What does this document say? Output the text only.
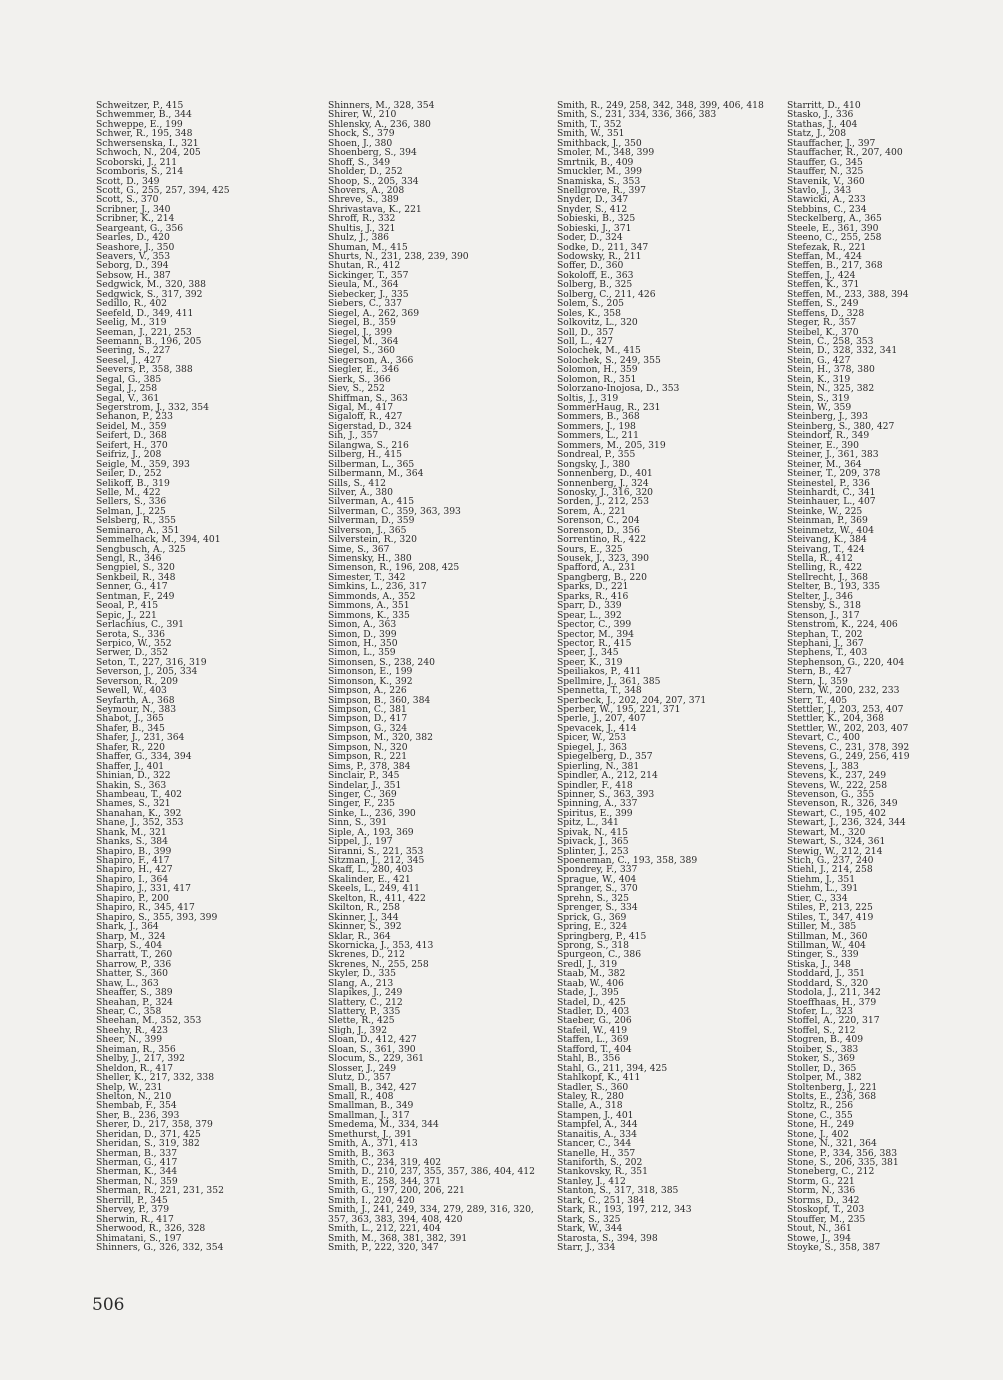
Schweitzer, P., 415
Schwemmer, B., 344
Schweppe, E., 199
Schwer, R., 195, 348
Schwersenska, I., 321
Schwoch, N., 204, 205
Scoborski, J., 211
Scomboris, S., 214
Scott, D., 349
Scott, G., 255, 257, 394, 425
Scott, S., 370
Scribner, J., 340
Scribner, K., 214
Seargeant, G., 356
Searles, D., 420
Seashore, J., 350
Seavers, V., 353
Seborg, D., 394
Sebsow, H., 387
Sedgwick, M., 320, 388
Sedgwick, S., 317, 392
Sedillo, R., 402
Seefeld, D., 349, 411
Seelig, M., 319
Seeman, J., 221, 253
Seemann, B., 196, 205
Seering, S., 227
Seesel, J., 427
Seevers, P., 358, 388
Segal, G., 385
Segal, J., 258
Segal, V., 361
Segerstrom, J., 332, 354
Sehanon, P., 233
Seidel, M., 359
Seifert, D., 368
Seifert, H., 370
Seifriz, J., 208
Seigle, M., 359, 393
Seiler, D., 252
Selikoff, B., 319
Selle, M., 422
Sellers, S., 336
Selman, J., 225
Selsberg, R., 355
Seminaro, A., 351
Semmelhack, M., 394, 401
Sengbusch, A., 325
Sengl, R., 346
Sengpiel, S., 320
Senkbeil, R., 348
Senner, G., 417
Sentman, F., 249
Seoal, P., 415
Sepic, J., 221
Serlachius, C., 391
Serota, S., 336
Serpico, W., 352
Serwer, D., 352
Seton, T., 227, 316, 319
Severson, J., 205, 334
Severson, R., 209
Sewell, W., 403
Seyfarth, A., 368
Seymour, N., 383
Shabot, J., 365
Shafer, B., 345
Shafer, J., 231, 364
Shafer, R., 220
Shaffer, G., 334, 394
Shaffer, J., 401
Shinian, D., 322
Shakin, S., 363
Shambeau, T., 402
Shames, S., 321
Shanahan, K., 392
Shane, J., 352, 353
Shank, M., 321
Shanks, S., 384
Shapiro, B., 399
Shapiro, F., 417
Shapiro, H., 427
Shapiro, I., 364
Shapiro, J., 331, 417
Shapiro, P., 200
Shapiro, R., 345, 417
Shapiro, S., 355, 393, 399
Shark, J., 364
Sharp, M., 324
Sharp, S., 404
Sharratt, T., 260
Sharrow, P., 336
Shatter, S., 360
Shaw, L., 363
Sheaffer, S., 389
Sheahan, P., 324
Shear, C., 358
Sheehan, M., 352, 353
Sheehy, R., 423
Sheer, N., 399
Sheiman, R., 356
Shelby, J., 217, 392
Sheldon, R., 417
Sheller, K., 217, 332, 338
Shelp, W., 231
Shelton, N., 210
Shembab, F., 354
Sher, B., 236, 393
Sherer, D., 217, 358, 379
Sheridan, D., 371, 425
Sheridan, S., 319, 382
Sherman, B., 337
Sherman, G., 417
Sherman, K., 344
Sherman, N., 359
Sherman, R., 221, 231, 352
Sherrill, P., 345
Shervey, P., 379
Sherwin, R., 417
Sherwood, R., 326, 328
Shimatani, S., 197
Shinners, G., 326, 332, 354
Shinners, M., 328, 354
Shirer, W., 210
Shlensky, A., 236, 380
Shock, S., 379
Shoen, J., 380
Shoenberg, S., 394
Shoff, S., 349
Sholder, D., 252
Shoop, S., 205, 334
Shovers, A., 208
Shreve, S., 389
Shrivastava, K., 221
Shroff, R., 332
Shultis, J., 321
Shulz, J., 386
Shuman, M., 415
Shurts, N., 231, 238, 239, 390
Shutan, R., 412
Sickinger, T., 357
Sieula, M., 364
Siebecker, J., 335
Siebers, C., 337
Siegel, A., 262, 369
Siegel, B., 359
Siegel, J., 399
Siegel, M., 364
Siegel, S., 360
Siegerson, A., 366
Siegler, E., 346
Sierk, S., 366
Siev, S., 252
Shiffman, S., 363
Sigal, M., 417
Sigaloff, R., 427
Sigerstad, D., 324
Sih, J., 357
Silangwa, S., 216
Silberg, H., 415
Silberman, L., 365
Silbermann, M., 364
Sills, S., 412
Silver, A., 380
Silverman, A., 415
Silverman, C., 359, 363, 393
Silverman, D., 359
Silverson, J., 365
Silverstein, R., 320
Sime, S., 367
Simensky, H., 380
Simenson, R., 196, 208, 425
Simester, T., 342
Simkins, L., 236, 317
Simmonds, A., 352
Simmons, A., 351
Simmons, K., 335
Simon, A., 363
Simon, D., 399
Simon, H., 350
Simon, L., 359
Simonsen, S., 238, 240
Simonson, E., 199
Simonson, K., 392
Simpson, A., 226
Simpson, B., 360, 384
Simpson, C., 381
Simpson, D., 417
Simpson, G., 324
Simpson, M., 320, 382
Simpson, N., 320
Simpson, R., 221
Sims, P., 378, 384
Sinclair, P., 345
Sindelar, J., 351
Singer, C., 369
Singer, F., 235
Sinke, L., 236, 390
Sinn, S., 391
Siple, A., 193, 369
Sippel, J., 197
Siranni, S., 221, 353
Sitzman, J., 212, 345
Skaff, L., 280, 403
Skalinder, E., 421
Skeels, L., 249, 411
Skelton, R., 411, 422
Skilton, R., 258
Skinner, J., 344
Skinner, S., 392
Sklar, R., 364
Skornicka, J., 353, 413
Skrenes, D., 212
Skrenes, N., 255, 258
Skyler, D., 335
Slang, A., 213
Slapikes, J., 249
Slattery, C., 212
Slattery, P., 335
Slette, R., 425
Sligh, J., 392
Sloan, D., 412, 427
Sloan, S., 361, 390
Slocum, S., 229, 361
Slosser, J., 249
Slutz, D., 357
Small, B., 342, 427
Small, R., 408
Smallman, B., 349
Smallman, J., 317
Smedema, M., 334, 344
Smethurst, J., 391
Smith, A., 371, 413
Smith, B., 363
Smith, C., 234, 319, 402
Smith, D., 210, 237, 355, 357, 386, 404, 412
Smith, E., 258, 344, 371
Smith, G., 197, 200, 206, 221
Smith, I., 220, 420
Smith, J., 241, 249, 334, 279, 289, 316, 320,
357, 363, 383, 394, 408, 420
Smith, L., 212, 221, 404
Smith, M., 368, 381, 382, 391
Smith, P., 222, 320, 347
Smith, R., 249, 258, 342, 348, 399, 406, 418
Smith, S., 231, 334, 336, 366, 383
Smith, T., 352
Smith, W., 351
Smithback, J., 350
Smoler, M., 348, 399
Smrtnik, B., 409
Smuckler, M., 399
Snamiska, S., 353
Snellgrove, R., 397
Snyder, D., 347
Snyder, S., 412
Sobieski, B., 325
Sobieski, J., 371
Soder, D., 324
Sodke, D., 211, 347
Sodowsky, R., 211
Soffer, D., 360
Sokoloff, E., 363
Solberg, B., 325
Solberg, C., 211, 426
Solem, S., 205
Soles, K., 358
Solkovitz, L., 320
Soll, D., 357
Soll, L., 427
Solochek, M., 415
Solochek, S., 249, 355
Solomon, H., 359
Solomon, R., 351
Solorzano-Inojosa, D., 353
Soltis, J., 319
SommerHaug, R., 231
Sommers, B., 368
Sommers, J., 198
Sommers, L., 211
Sommers, M., 205, 319
Sondreal, P., 355
Songsky, J., 380
Sonnenberg, D., 401
Sonnenberg, J., 324
Sonosky, J., 316, 320
Sorden, J., 212, 253
Sorem, A., 221
Sorenson, C., 204
Sorenson, D., 356
Sorrentino, R., 422
Sours, E., 325
Sousek, J., 323, 390
Spafford, A., 231
Spangberg, B., 220
Sparks, D., 221
Sparks, R., 416
Sparr, D., 339
Spear, L., 392
Spector, C., 399
Spector, M., 394
Spector, R., 415
Speer, J., 345
Speer, K., 319
Speiliakos, P., 411
Spellmire, J., 361, 385
Spennetta, T., 348
Sperbeck, J., 202, 204, 207, 371
Sperber, W., 195, 221, 371
Sperle, J., 207, 407
Spevacek, J., 414
Spicer, W., 253
Spiegel, J., 363
Spiegelberg, D., 357
Spierling, N., 381
Spindler, A., 212, 214
Spindler, F., 418
Spinner, S., 363, 393
Spinning, A., 337
Spiritus, E., 399
Spitz, L., 341
Spivak, N., 415
Spivack, J., 365
Splinter, J., 253
Spoeneman, C., 193, 358, 389
Spondrey, F., 337
Sprague, W., 404
Spranger, S., 370
Sprehn, S., 325
Sprenger, S., 334
Sprick, G., 369
Spring, E., 324
Springberg, P., 415
Sprong, S., 318
Spurgeon, C., 386
Sredl, J., 319
Staab, M., 382
Staab, W., 406
Stade, J., 395
Stadel, D., 425
Stadler, D., 403
Staeber, G., 206
Stafeil, W., 419
Staffen, L., 369
Stafford, T., 404
Stahl, B., 356
Stahl, G., 211, 394, 425
Stahlkopf, K., 411
Stadler, S., 360
Staley, R., 280
Stalle, A., 318
Stampen, J., 401
Stampfel, A., 344
Stanaitis, A., 334
Stancer, C., 344
Stanelle, H., 357
Staniforth, S., 202
Stankovsky, R., 351
Stanley, J., 412
Stanton, S., 317, 318, 385
Stark, C., 251, 384
Stark, R., 193, 197, 212, 343
Stark, S., 325
Stark, W., 344
Starosta, S., 394, 398
Starr, J., 334
Starritt, D., 410
Stasko, J., 336
Stathas, J., 404
Statz, J., 208
Stauffacher, J., 397
Stauffacher, R., 207, 400
Stauffer, G., 345
Stauffer, N., 325
Stavenik, V., 360
Stavlo, J., 343
Stawicki, A., 233
Stebbins, C., 234
Steckelberg, A., 365
Steele, E., 361, 390
Steeno, C., 255, 258
Stefezak, R., 221
Steffan, M., 424
Steffen, B., 217, 368
Steffen, J., 424
Steffen, K., 371
Steffen, M., 233, 388, 394
Steffen, S., 249
Steffens, D., 328
Steger, R., 357
Steibel, K., 370
Stein, C., 258, 353
Stein, D., 328, 332, 341
Stein, G., 427
Stein, H., 378, 380
Stein, K., 319
Stein, N., 325, 382
Stein, S., 319
Stein, W., 359
Steinberg, J., 393
Steinberg, S., 380, 427
Steindorf, R., 349
Steiner, E., 390
Steiner, J., 361, 383
Steiner, M., 364
Steiner, T., 209, 378
Steinestel, P., 336
Steinhardt, C., 341
Steinhauer, L., 407
Steinke, W., 225
Steinman, P., 369
Steinmetz, W., 404
Steivang, K., 384
Steivang, T., 424
Stella, R., 412
Stelling, R., 422
Stellrecht, J., 368
Stelter, B., 193, 335
Stelter, J., 346
Stensby, S., 318
Stenson, J., 317
Stenstrom, K., 224, 406
Stephan, T., 202
Stephani, J., 367
Stephens, T., 403
Stephenson, G., 220, 404
Stern, B., 427
Stern, J., 359
Stern, W., 200, 232, 233
Sterr, T., 405
Stettler, J., 203, 253, 407
Stettler, K., 204, 368
Stettler, W., 202, 203, 407
Stevart, C., 400
Stevens, C., 231, 378, 392
Stevens, G., 249, 256, 419
Stevens, J., 383
Stevens, K., 237, 249
Stevens, W., 222, 258
Stevenson, G., 355
Stevenson, R., 326, 349
Stewart, C., 195, 402
Stewart, J., 236, 324, 344
Stewart, M., 320
Stewart, S., 324, 361
Stewig, W., 212, 214
Stich, G., 237, 240
Stiehl, J., 214, 258
Stiehm, J., 351
Stiehm, L., 391
Stier, C., 334
Stiles, P., 213, 225
Stiles, T., 347, 419
Stiller, M., 385
Stillman, M., 360
Stillman, W., 404
Stinger, S., 339
Stiska, J., 348
Stoddard, J., 351
Stoddard, S., 320
Stodola, J., 211, 342
Stoeffhaas, H., 379
Stofer, L., 323
Stoffel, A., 220, 317
Stoffel, S., 212
Stogren, B., 409
Stoiber, S., 383
Stoker, S., 369
Stoller, D., 365
Stolper, M., 382
Stoltenberg, J., 221
Stolts, E., 236, 368
Stoltz, R., 256
Stone, C., 355
Stone, H., 249
Stone, J., 402
Stone, N., 321, 364
Stone, P., 334, 356, 383
Stone, S., 206, 335, 381
Stoneberg, C., 212
Storm, G., 221
Storm, N., 336
Storms, D., 342
Stoskopf, T., 203
Stouffer, M., 235
Stout, N., 361
Stowe, J., 394
Stoyke, S., 358, 387
506
